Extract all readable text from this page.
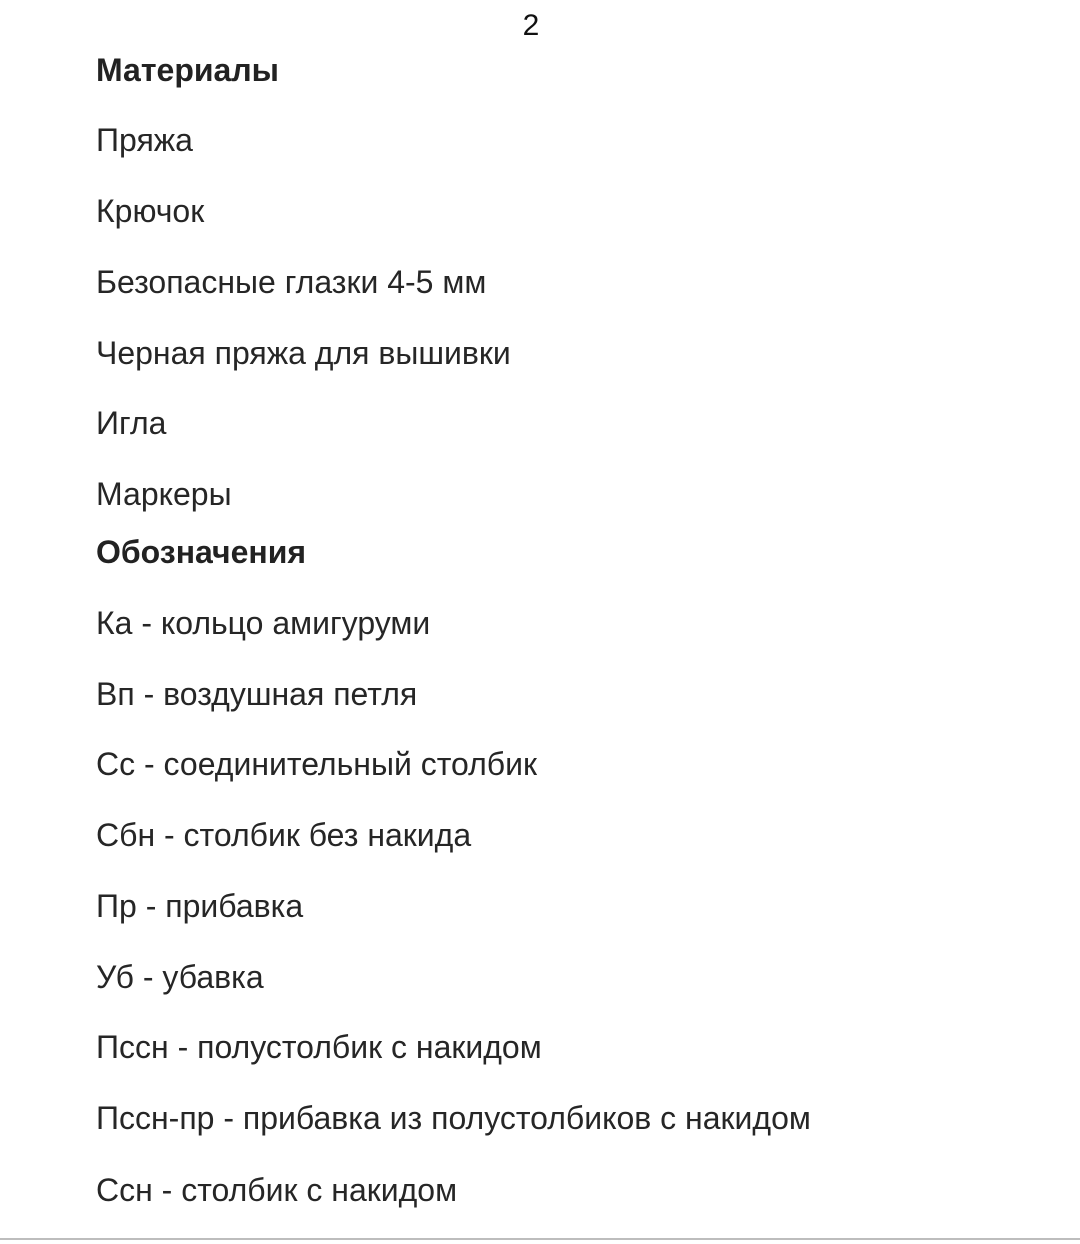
2
Материалы
Пряжа
Крючок
Безопасные глазки 4-5 мм
Черная пряжа для вышивки
Игла
Маркеры
Обозначения
Ка - кольцо амигуруми
Вп - воздушная петля
Сс - соединительный столбик
Сбн - столбик без накида
Пр - прибавка
Уб - убавка
Пссн - полустолбик с накидом
Пссн-пр - прибавка из полустолбиков с накидом
Ссн - столбик с накидом
